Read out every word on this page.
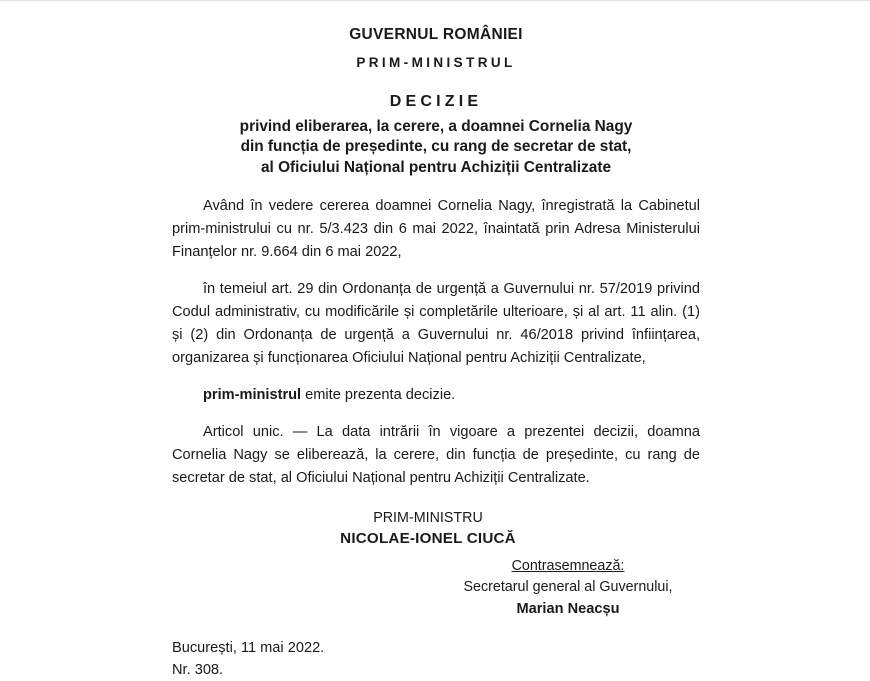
GUVERNUL ROMÂNIEI
PRIM-MINISTRUL
DECIZIE
privind eliberarea, la cerere, a doamnei Cornelia Nagy
din funcția de președinte, cu rang de secretar de stat,
al Oficiului Național pentru Achiziții Centralizate

Având în vedere cererea doamnei Cornelia Nagy, înregistrată la Cabinetul prim-ministrului cu nr. 5/3.423 din 6 mai 2022, înaintată prin Adresa Ministerului Finanțelor nr. 9.664 din 6 mai 2022,

în temeiul art. 29 din Ordonanța de urgență a Guvernului nr. 57/2019 privind Codul administrativ, cu modificările și completările ulterioare, și al art. 11 alin. (1) și (2) din Ordonanța de urgență a Guvernului nr. 46/2018 privind înființarea, organizarea și funcționarea Oficiului Național pentru Achiziții Centralizate,

prim-ministrul emite prezenta decizie.

Articol unic. — La data intrării în vigoare a prezentei decizii, doamna Cornelia Nagy se eliberează, la cerere, din funcția de președinte, cu rang de secretar de stat, al Oficiului Național pentru Achiziții Centralizate.

PRIM-MINISTRU
NICOLAE-IONEL CIUCĂ
Contrasemnează:
Secretarul general al Guvernului,
Marian Neacșu
București, 11 mai 2022.
Nr. 308.
